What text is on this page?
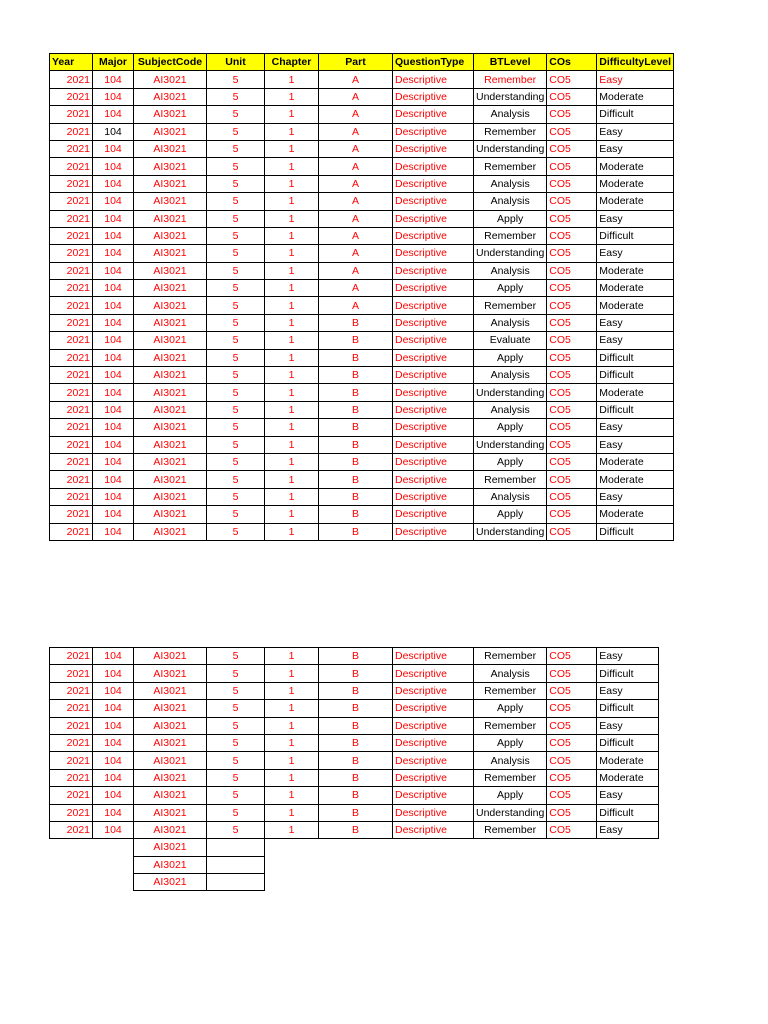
Year	Major	SubjectCode	Unit	Chapter	Part	QuestionType	BTLevel	COs	DifficultyLevel
2021	104	AI3021	5	1	A	Descriptive	Remember	CO5	Easy
2021	104	AI3021	5	1	A	Descriptive	Understanding	CO5	Moderate
2021	104	AI3021	5	1	A	Descriptive	Analysis	CO5	Difficult
2021	104	AI3021	5	1	A	Descriptive	Remember	CO5	Easy
2021	104	AI3021	5	1	A	Descriptive	Understanding	CO5	Easy
2021	104	AI3021	5	1	A	Descriptive	Remember	CO5	Moderate
2021	104	AI3021	5	1	A	Descriptive	Analysis	CO5	Moderate
2021	104	AI3021	5	1	A	Descriptive	Analysis	CO5	Moderate
2021	104	AI3021	5	1	A	Descriptive	Apply	CO5	Easy
2021	104	AI3021	5	1	A	Descriptive	Remember	CO5	Difficult
2021	104	AI3021	5	1	A	Descriptive	Understanding	CO5	Easy
2021	104	AI3021	5	1	A	Descriptive	Analysis	CO5	Moderate
2021	104	AI3021	5	1	A	Descriptive	Apply	CO5	Moderate
2021	104	AI3021	5	1	A	Descriptive	Remember	CO5	Moderate
2021	104	AI3021	5	1	B	Descriptive	Analysis	CO5	Easy
2021	104	AI3021	5	1	B	Descriptive	Evaluate	CO5	Easy
2021	104	AI3021	5	1	B	Descriptive	Apply	CO5	Difficult
2021	104	AI3021	5	1	B	Descriptive	Analysis	CO5	Difficult
2021	104	AI3021	5	1	B	Descriptive	Understanding	CO5	Moderate
2021	104	AI3021	5	1	B	Descriptive	Analysis	CO5	Difficult
2021	104	AI3021	5	1	B	Descriptive	Apply	CO5	Easy
2021	104	AI3021	5	1	B	Descriptive	Understanding	CO5	Easy
2021	104	AI3021	5	1	B	Descriptive	Apply	CO5	Moderate
2021	104	AI3021	5	1	B	Descriptive	Remember	CO5	Moderate
2021	104	AI3021	5	1	B	Descriptive	Analysis	CO5	Easy
2021	104	AI3021	5	1	B	Descriptive	Apply	CO5	Moderate
2021	104	AI3021	5	1	B	Descriptive	Understanding	CO5	Difficult
2021	104	AI3021	5	1	B	Descriptive	Remember	CO5	Easy
2021	104	AI3021	5	1	B	Descriptive	Analysis	CO5	Difficult
2021	104	AI3021	5	1	B	Descriptive	Remember	CO5	Easy
2021	104	AI3021	5	1	B	Descriptive	Apply	CO5	Difficult
2021	104	AI3021	5	1	B	Descriptive	Remember	CO5	Easy
2021	104	AI3021	5	1	B	Descriptive	Apply	CO5	Difficult
2021	104	AI3021	5	1	B	Descriptive	Analysis	CO5	Moderate
2021	104	AI3021	5	1	B	Descriptive	Remember	CO5	Moderate
2021	104	AI3021	5	1	B	Descriptive	Apply	CO5	Easy
2021	104	AI3021	5	1	B	Descriptive	Understanding	CO5	Difficult
2021	104	AI3021	5	1	B	Descriptive	Remember	CO5	Easy
		AI3021							
		AI3021							
		AI3021							
